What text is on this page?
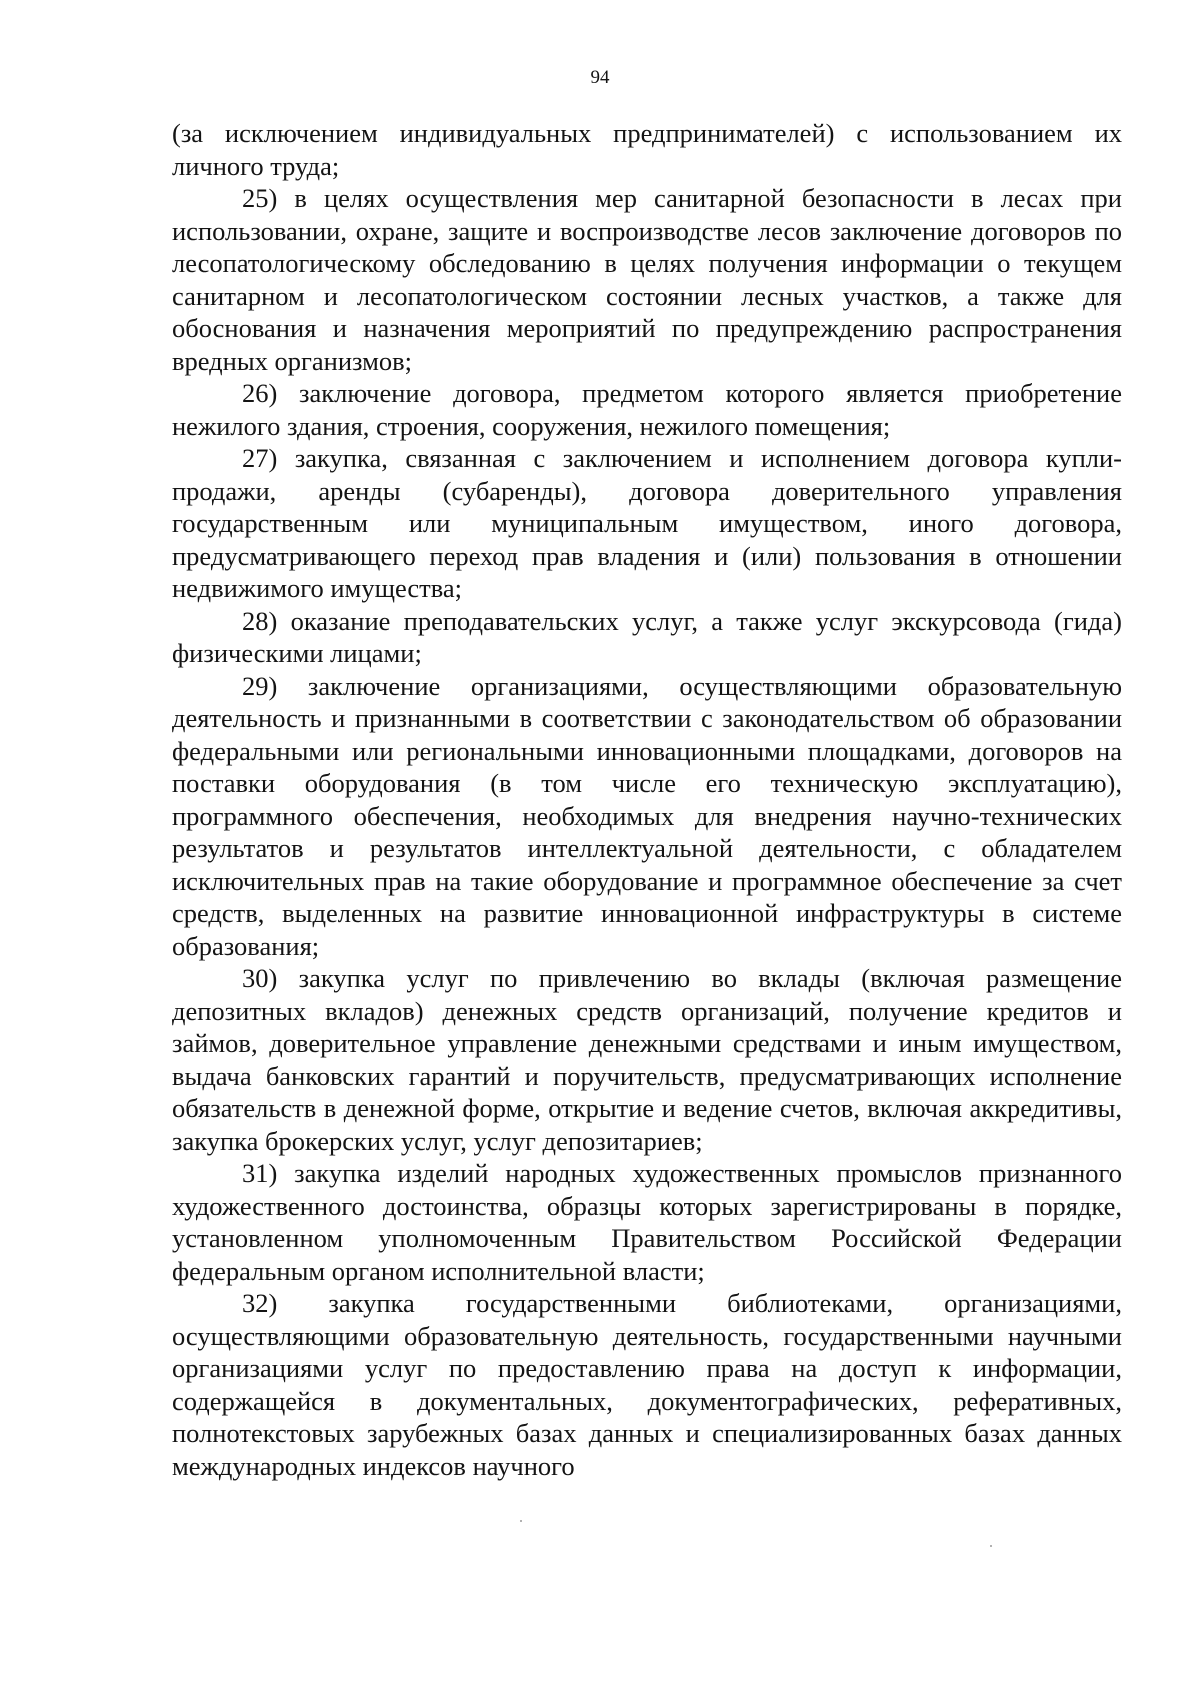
94

(за исключением индивидуальных предпринимателей) с использованием их личного труда;

25) в целях осуществления мер санитарной безопасности в лесах при использовании, охране, защите и воспроизводстве лесов заключение договоров по лесопатологическому обследованию в целях получения информации о текущем санитарном и лесопатологическом состоянии лесных участков, а также для обоснования и назначения мероприятий по предупреждению распространения вредных организмов;

26) заключение договора, предметом которого является приобретение нежилого здания, строения, сооружения, нежилого помещения;

27) закупка, связанная с заключением и исполнением договора купли-продажи, аренды (субаренды), договора доверительного управления государственным или муниципальным имуществом, иного договора, предусматривающего переход прав владения и (или) пользования в отношении недвижимого имущества;

28) оказание преподавательских услуг, а также услуг экскурсовода (гида) физическими лицами;

29) заключение организациями, осуществляющими образовательную деятельность и признанными в соответствии с законодательством об образовании федеральными или региональными инновационными площадками, договоров на поставки оборудования (в том числе его техническую эксплуатацию), программного обеспечения, необходимых для внедрения научно-технических результатов и результатов интеллектуальной деятельности, с обладателем исключительных прав на такие оборудование и программное обеспечение за счет средств, выделенных на развитие инновационной инфраструктуры в системе образования;

30) закупка услуг по привлечению во вклады (включая размещение депозитных вкладов) денежных средств организаций, получение кредитов и займов, доверительное управление денежными средствами и иным имуществом, выдача банковских гарантий и поручительств, предусматривающих исполнение обязательств в денежной форме, открытие и ведение счетов, включая аккредитивы, закупка брокерских услуг, услуг депозитариев;

31) закупка изделий народных художественных промыслов признанного художественного достоинства, образцы которых зарегистрированы в порядке, установленном уполномоченным Правительством Российской Федерации федеральным органом исполнительной власти;

32) закупка государственными библиотеками, организациями, осуществляющими образовательную деятельность, государственными научными организациями услуг по предоставлению права на доступ к информации, содержащейся в документальных, документографических, реферативных, полнотекстовых зарубежных базах данных и специализированных базах данных международных индексов научного
